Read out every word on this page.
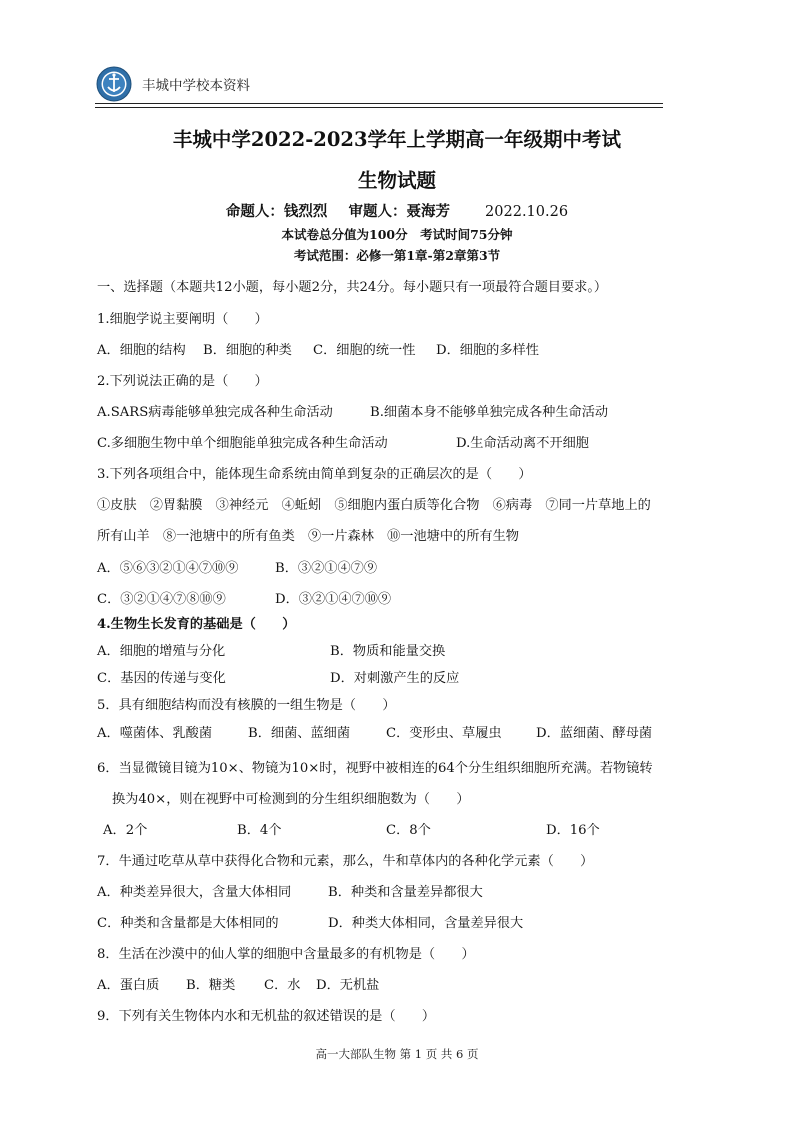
丰城中学校本资料
丰城中学2022-2023学年上学期高一年级期中考试
生物试题
命题人：钱烈烈 审题人：聂海芳 2022.10.26
本试卷总分值为100分　考试时间75分钟
考试范围：必修一第1章-第2章第3节
一、选择题（本题共12小题，每小题2分，共24分。每小题只有一项最符合题目要求。）
1.细胞学说主要阐明（　　）
A．细胞的结构 B．细胞的种类 C．细胞的统一性 D．细胞的多样性
2.下列说法正确的是（　　）
A.SARS病毒能够单独完成各种生命活动	B.细菌本身不能够单独完成各种生命活动
C.多细胞生物中单个细胞能单独完成各种生命活动	D.生命活动离不开细胞
3.下列各项组合中，能体现生命系统由简单到复杂的正确层次的是（　　）
①皮肤　②胃黏膜　③神经元　④蚯蚓　⑤细胞内蛋白质等化合物　⑥病毒　⑦同一片草地上的
所有山羊　⑧一池塘中的所有鱼类　⑨一片森林　⑩一池塘中的所有生物
A．⑤⑥③②①④⑦⑩⑨	B．③②①④⑦⑨
C．③②①④⑦⑧⑩⑨	D．③②①④⑦⑩⑨
4.生物生长发育的基础是（　　）
A．细胞的增殖与分化	B．物质和能量交换
C．基因的传递与变化	D．对刺激产生的反应
5．具有细胞结构而没有核膜的一组生物是（　　）
A．噬菌体、乳酸菌	B．细菌、蓝细菌	C．变形虫、草履虫	D．蓝细菌、酵母菌
6．当显微镜目镜为10×、物镜为10×时，视野中被相连的64个分生组织细胞所充满。若物镜转
换为40×，则在视野中可检测到的分生组织细胞数为（　　）
A．2个	B．4个	C．8个	D．16个
7．牛通过吃草从草中获得化合物和元素，那么，牛和草体内的各种化学元素（　　）
A．种类差异很大，含量大体相同	B．种类和含量差异都很大
C．种类和含量都是大体相同的	D．种类大体相同，含量差异很大
8．生活在沙漠中的仙人掌的细胞中含量最多的有机物是（　　）
A．蛋白质 B．糖类 C．水 D．无机盐
9．下列有关生物体内水和无机盐的叙述错误的是（　　）
高一大部队生物 第 1 页 共 6 页
